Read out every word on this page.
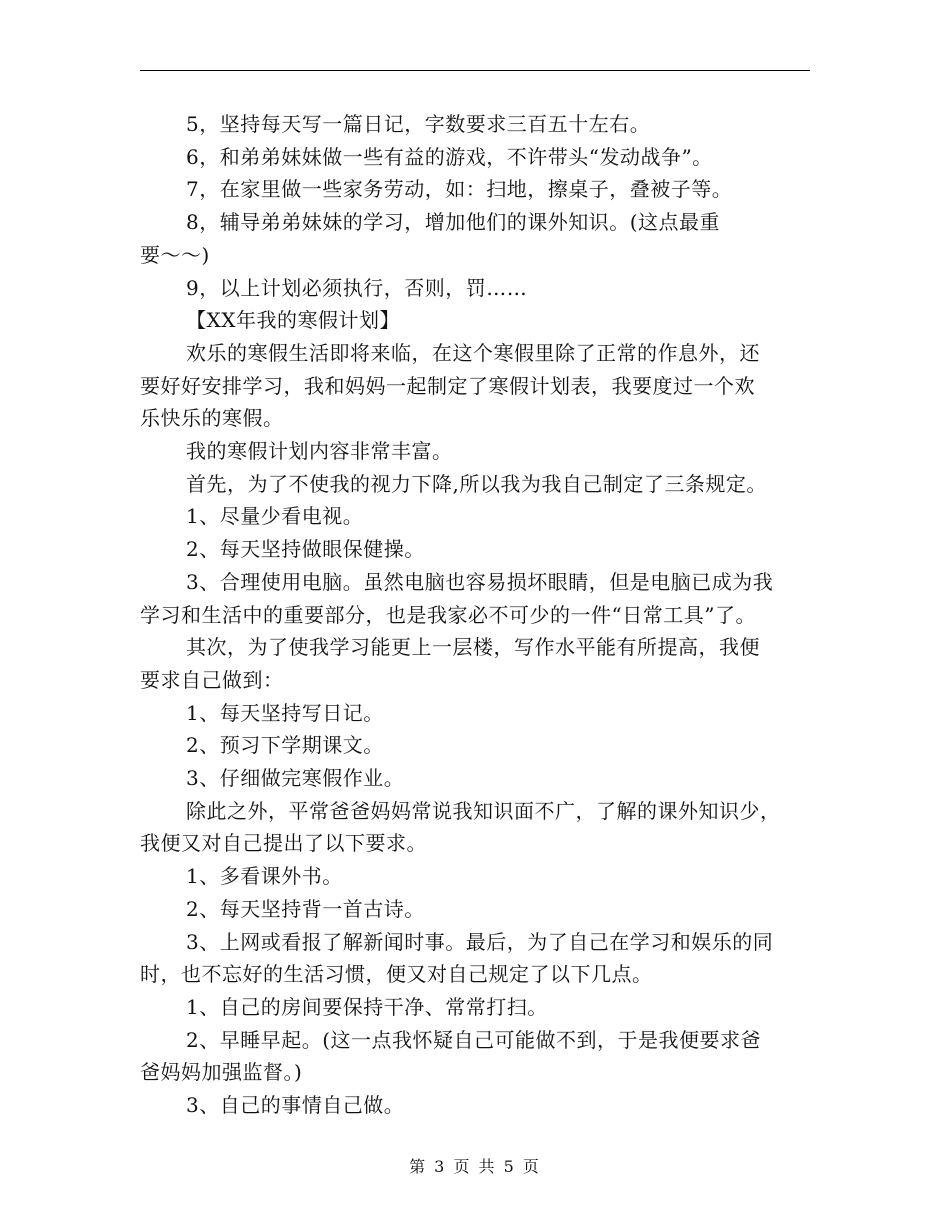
5，坚持每天写一篇日记，字数要求三百五十左右。
6，和弟弟妹妹做一些有益的游戏，不许带头“发动战争”。
7，在家里做一些家务劳动，如：扫地，擦桌子，叠被子等。
8，辅导弟弟妹妹的学习，增加他们的课外知识。(这点最重
要～～)
9，以上计划必须执行，否则，罚……
【XX年我的寒假计划】
欢乐的寒假生活即将来临，在这个寒假里除了正常的作息外，还
要好好安排学习，我和妈妈一起制定了寒假计划表，我要度过一个欢
乐快乐的寒假。
我的寒假计划内容非常丰富。
首先，为了不使我的视力下降,所以我为我自己制定了三条规定。
1、尽量少看电视。
2、每天坚持做眼保健操。
3、合理使用电脑。虽然电脑也容易损坏眼睛，但是电脑已成为我
学习和生活中的重要部分，也是我家必不可少的一件“日常工具”了。
其次，为了使我学习能更上一层楼，写作水平能有所提高，我便
要求自己做到：
1、每天坚持写日记。
2、预习下学期课文。
3、仔细做完寒假作业。
除此之外，平常爸爸妈妈常说我知识面不广，了解的课外知识少，
我便又对自己提出了以下要求。
1、多看课外书。
2、每天坚持背一首古诗。
3、上网或看报了解新闻时事。最后，为了自己在学习和娱乐的同
时，也不忘好的生活习惯，便又对自己规定了以下几点。
1、自己的房间要保持干净、常常打扫。
2、早睡早起。(这一点我怀疑自己可能做不到，于是我便要求爸
爸妈妈加强监督。)
3、自己的事情自己做。
第 3 页 共 5 页
